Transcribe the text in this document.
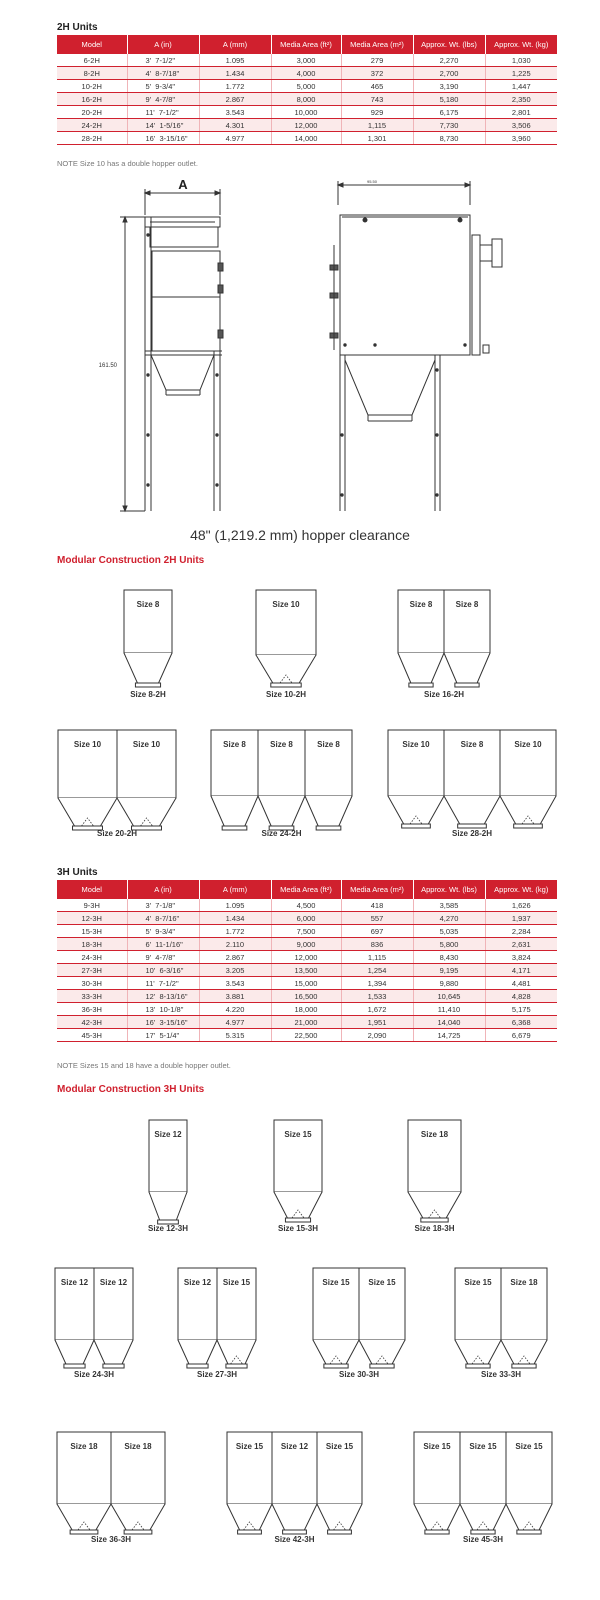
2H Units
Model	A (in)	A (mm)	Media Area (ft²)	Media Area (m²)	Approx. Wt. (lbs)	Approx. Wt. (kg)
6-2H	3'  7-1/2"	1.095	3,000	279	2,270	1,030
8-2H	4'  8-7/18"	1.434	4,000	372	2,700	1,225
10-2H	5'  9-3/4"	1.772	5,000	465	3,190	1,447
16-2H	9'  4-7/8"	2.867	8,000	743	5,180	2,350
20-2H	11'  7-1/2"	3.543	10,000	929	6,175	2,801
24-2H	14'  1-5/16"	4.301	12,000	1,115	7,730	3,506
28-2H	16'  3-15/16"	4.977	14,000	1,301	8,730	3,960
NOTE Size 10 has a double hopper outlet.
A
161.50
95.50
48" (1,219.2 mm) hopper clearance
Modular Construction 2H Units
Size 8
Size 8-2H
Size 10
Size 10-2H
Size 8	Size 8
Size 16-2H
Size 10	Size 10
Size 20-2H
Size 8	Size 8	Size 8
Size 24-2H
Size 10	Size 8	Size 10
Size 28-2H
3H Units
Model	A (in)	A (mm)	Media Area (ft²)	Media Area (m²)	Approx. Wt. (lbs)	Approx. Wt. (kg)
9-3H	3'  7-1/8"	1.095	4,500	418	3,585	1,626
12-3H	4'  8-7/16"	1.434	6,000	557	4,270	1,937
15-3H	5'  9-3/4"	1.772	7,500	697	5,035	2,284
18-3H	6'  11-1/16"	2.110	9,000	836	5,800	2,631
24-3H	9'  4-7/8"	2.867	12,000	1,115	8,430	3,824
27-3H	10'  6-3/16"	3.205	13,500	1,254	9,195	4,171
30-3H	11'  7-1/2"	3.543	15,000	1,394	9,880	4,481
33-3H	12'  8-13/16"	3.881	16,500	1,533	10,645	4,828
36-3H	13'  10-1/8"	4.220	18,000	1,672	11,410	5,175
42-3H	16'  3-15/16"	4.977	21,000	1,951	14,040	6,368
45-3H	17'  5-1/4"	5.315	22,500	2,090	14,725	6,679
NOTE Sizes 15 and 18 have a double hopper outlet.
Modular Construction 3H Units
Size 12
Size 12-3H
Size 15
Size 15-3H
Size 18
Size 18-3H
Size 12 Size 12
Size 24-3H
Size 12 Size 15
Size 27-3H
Size 15 Size 15
Size 30-3H
Size 15 Size 18
Size 33-3H
Size 18	Size 18
Size 36-3H
Size 15 Size 12 Size 15
Size 42-3H
Size 15 Size 15 Size 15
Size 45-3H
